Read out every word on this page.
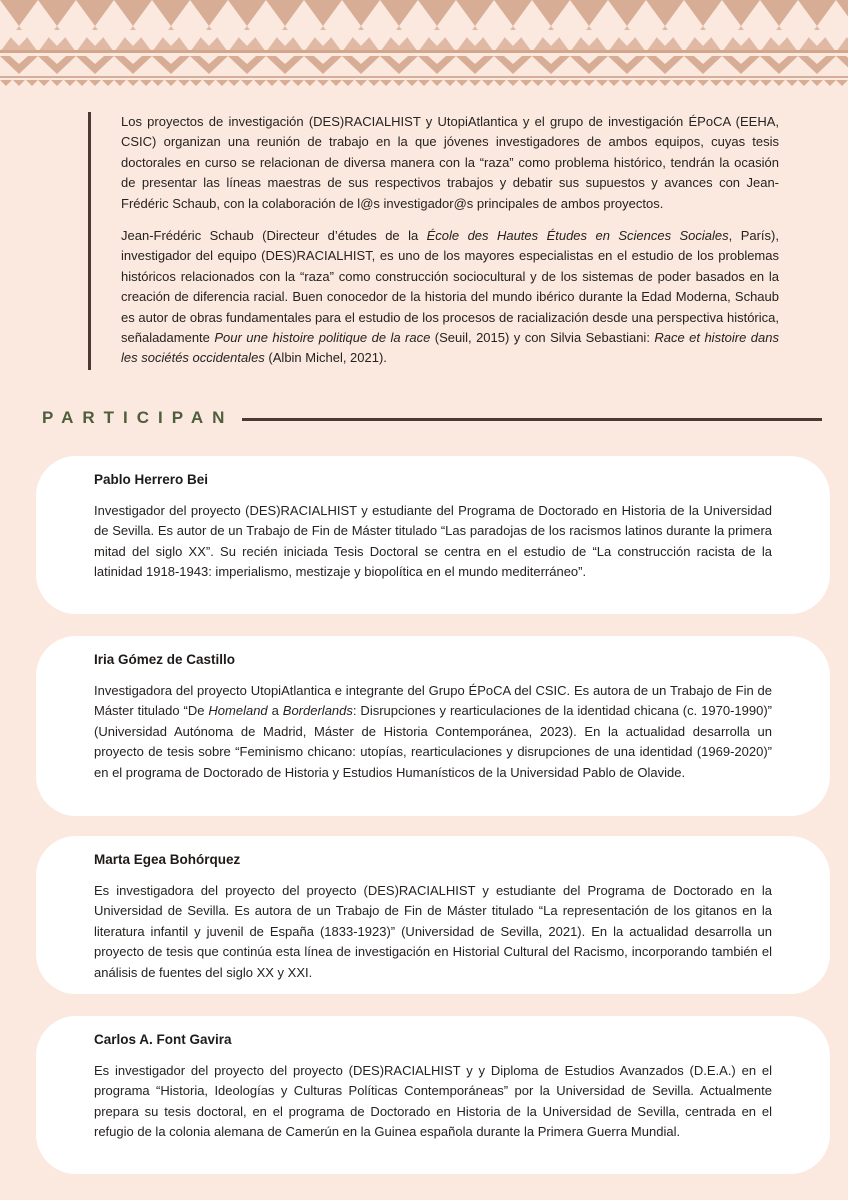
Los proyectos de investigación (DES)RACIALHIST y UtopiAtlantica y el grupo de investigación ÉPoCA (EEHA, CSIC) organizan una reunión de trabajo en la que jóvenes investigadores de ambos equipos, cuyas tesis doctorales en curso se relacionan de diversa manera con la “raza” como problema histórico, tendrán la ocasión de presentar las líneas maestras de sus respectivos trabajos y debatir sus supuestos y avances con Jean-Frédéric Schaub, con la colaboración de l@s investigador@s principales de ambos proyectos.

Jean-Frédéric Schaub (Directeur d’études de la École des Hautes Études en Sciences Sociales, París), investigador del equipo (DES)RACIALHIST, es uno de los mayores especialistas en el estudio de los problemas históricos relacionados con la “raza” como construcción sociocultural y de los sistemas de poder basados en la creación de diferencia racial. Buen conocedor de la historia del mundo ibérico durante la Edad Moderna, Schaub es autor de obras fundamentales para el estudio de los procesos de racialización desde una perspectiva histórica, señaladamente Pour une histoire politique de la race (Seuil, 2015) y con Silvia Sebastiani: Race et histoire dans les sociétés occidentales (Albin Michel, 2021).

PARTICIPAN
Pablo Herrero Bei

Investigador del proyecto (DES)RACIALHIST y estudiante del Programa de Doctorado en Historia de la Universidad de Sevilla. Es autor de un Trabajo de Fin de Máster titulado “Las paradojas de los racismos latinos durante la primera mitad del siglo XX”. Su recién iniciada Tesis Doctoral se centra en el estudio de “La construcción racista de la latinidad 1918-1943: imperialismo, mestizaje y biopolítica en el mundo mediterráneo”.

Iria Gómez de Castillo

Investigadora del proyecto UtopiAtlantica e integrante del Grupo ÉPoCA del CSIC. Es autora de un Trabajo de Fin de Máster titulado “De Homeland a Borderlands: Disrupciones y rearticulaciones de la identidad chicana (c. 1970-1990)” (Universidad Autónoma de Madrid, Máster de Historia Contemporánea, 2023). En la actualidad desarrolla un proyecto de tesis sobre “Feminismo chicano: utopías, rearticulaciones y disrupciones de una identidad (1969-2020)” en el programa de Doctorado de Historia y Estudios Humanísticos de la Universidad Pablo de Olavide.

Marta Egea Bohórquez

Es investigadora del proyecto del proyecto (DES)RACIALHIST y estudiante del Programa de Doctorado en la Universidad de Sevilla. Es autora de un Trabajo de Fin de Máster titulado “La representación de los gitanos en la literatura infantil y juvenil de España (1833-1923)” (Universidad de Sevilla, 2021). En la actualidad desarrolla un proyecto de tesis que continúa esta línea de investigación en Historial Cultural del Racismo, incorporando también el análisis de fuentes del siglo XX y XXI.

Carlos A. Font Gavira

Es investigador del proyecto del proyecto (DES)RACIALHIST y y Diploma de Estudios Avanzados (D.E.A.) en el programa “Historia, Ideologías y Culturas Políticas Contemporáneas” por la Universidad de Sevilla. Actualmente prepara su tesis doctoral, en el programa de Doctorado en Historia de la Universidad de Sevilla, centrada en el refugio de la colonia alemana de Camerún en la Guinea española durante la Primera Guerra Mundial.
